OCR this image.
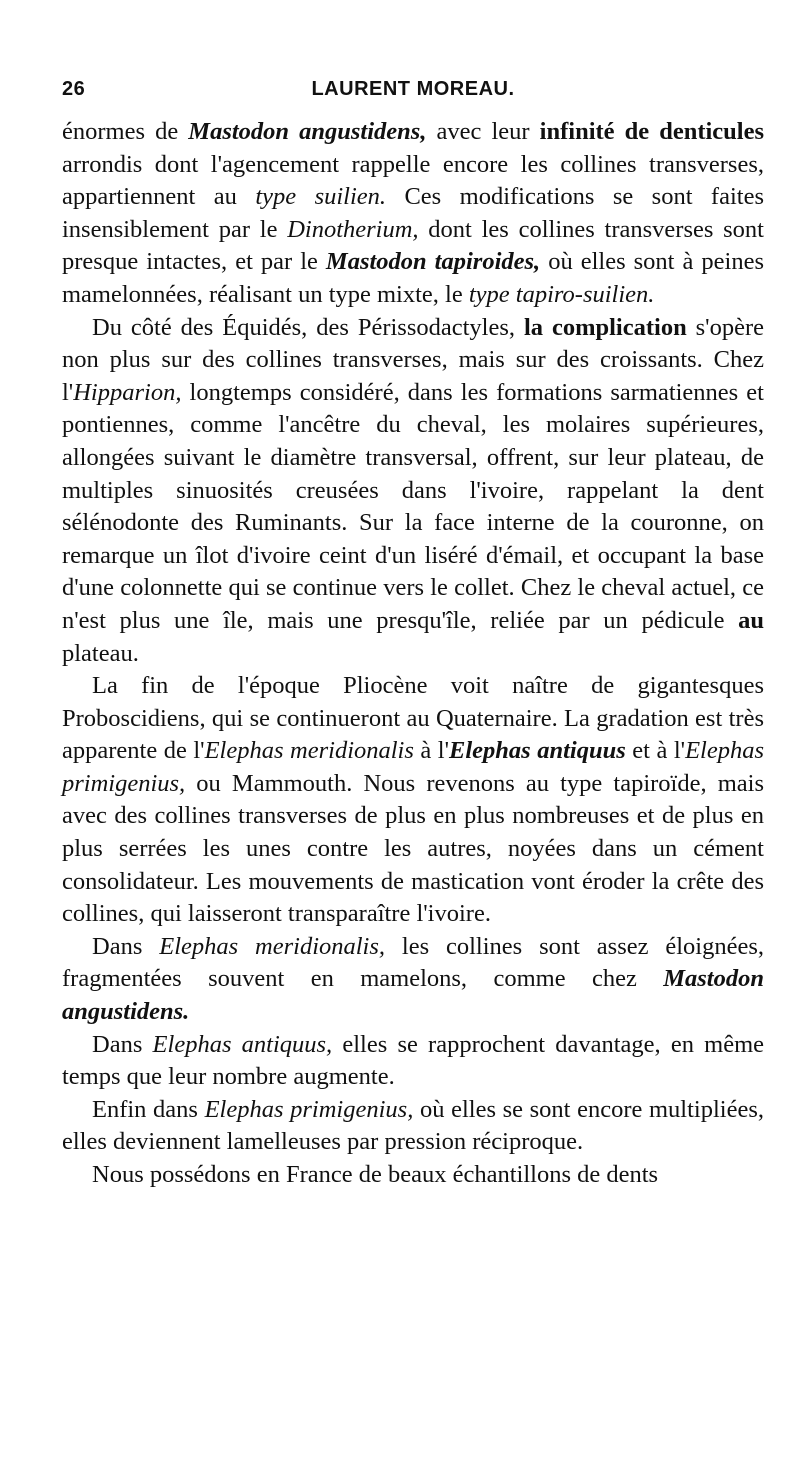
26	LAURENT MOREAU.

énormes de Mastodon angustidens, avec leur infinité de denticules arrondis dont l'agencement rappelle encore les collines transverses, appartiennent au type suilien. Ces modifications se sont faites insensiblement par le Dinotherium, dont les collines transverses sont presque intactes, et par le Mastodon tapiroides, où elles sont à peines mamelonnées, réalisant un type mixte, le type tapiro-suilien.

Du côté des Équidés, des Périssodactyles, la complication s'opère non plus sur des collines transverses, mais sur des croissants. Chez l'Hipparion, longtemps considéré, dans les formations sarmatiennes et pontiennes, comme l'ancêtre du cheval, les molaires supérieures, allongées suivant le diamètre transversal, offrent, sur leur plateau, de multiples sinuosités creusées dans l'ivoire, rappelant la dent sélénodonte des Ruminants. Sur la face interne de la couronne, on remarque un îlot d'ivoire ceint d'un liséré d'émail, et occupant la base d'une colonnette qui se continue vers le collet. Chez le cheval actuel, ce n'est plus une île, mais une presqu'île, reliée par un pédicule au plateau.

La fin de l'époque Pliocène voit naître de gigantesques Proboscidiens, qui se continueront au Quaternaire. La gradation est très apparente de l'Elephas meridionalis à l'Elephas antiquus et à l'Elephas primigenius, ou Mammouth. Nous revenons au type tapiroïde, mais avec des collines transverses de plus en plus nombreuses et de plus en plus serrées les unes contre les autres, noyées dans un cément consolidateur. Les mouvements de mastication vont éroder la crête des collines, qui laisseront transparaître l'ivoire.

Dans Elephas meridionalis, les collines sont assez éloignées, fragmentées souvent en mamelons, comme chez Mastodon angustidens.

Dans Elephas antiquus, elles se rapprochent davantage, en même temps que leur nombre augmente.

Enfin dans Elephas primigenius, où elles se sont encore multipliées, elles deviennent lamelleuses par pression réciproque.

Nous possédons en France de beaux échantillons de dents
